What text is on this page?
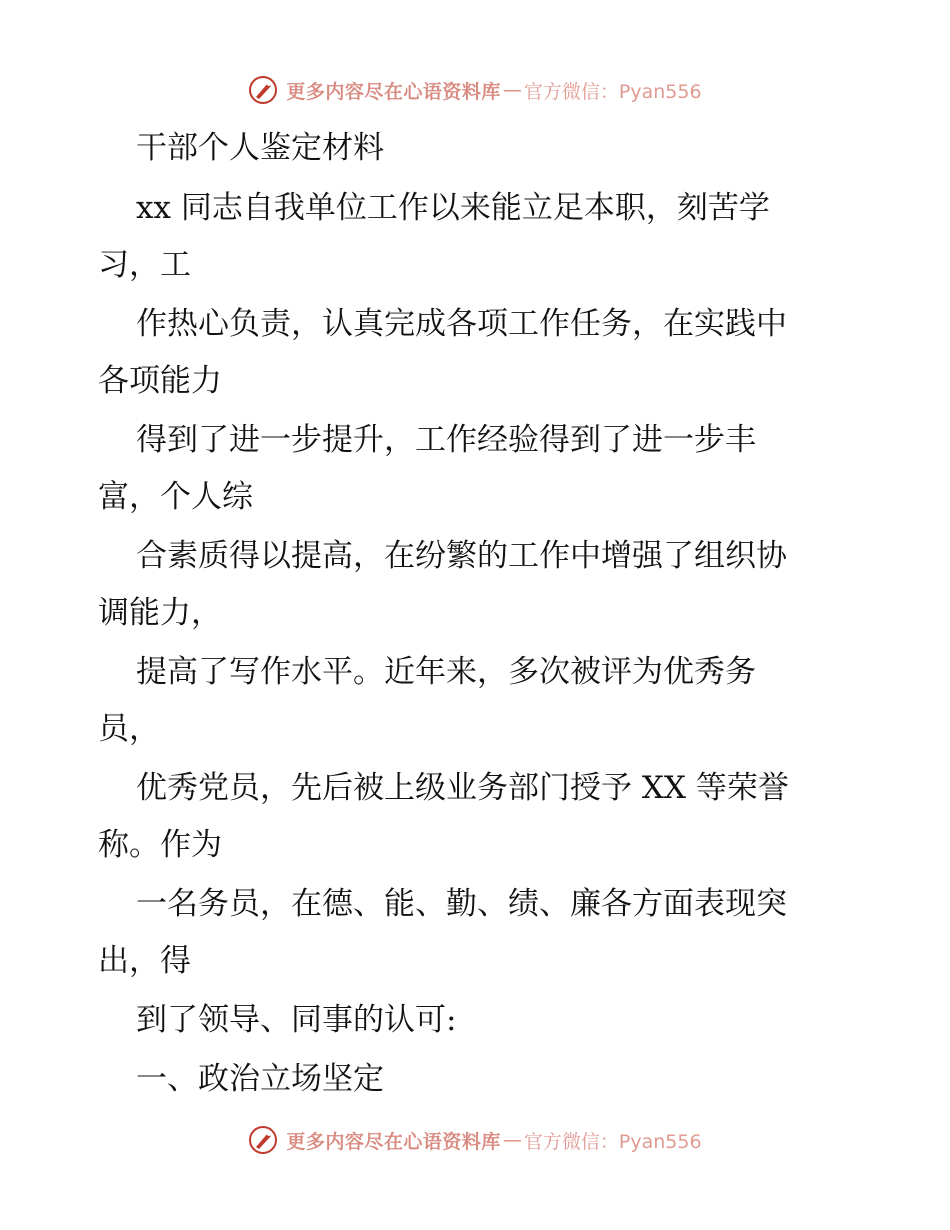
更多内容尽在心语资料库 — 官方微信：Pyan556
干部个人鉴定材料
xx 同志自我单位工作以来能立足本职，刻苦学
习，工
作热心负责，认真完成各项工作任务，在实践中
各项能力
得到了进一步提升，工作经验得到了进一步丰
富，个人综
合素质得以提高，在纷繁的工作中增强了组织协
调能力，
提高了写作水平。近年来，多次被评为优秀务
员，
优秀党员，先后被上级业务部门授予 XX 等荣誉
称。作为
一名务员，在德、能、勤、绩、廉各方面表现突
出，得
到了领导、同事的认可:
一、政治立场坚定
更多内容尽在心语资料库 — 官方微信：Pyan556
